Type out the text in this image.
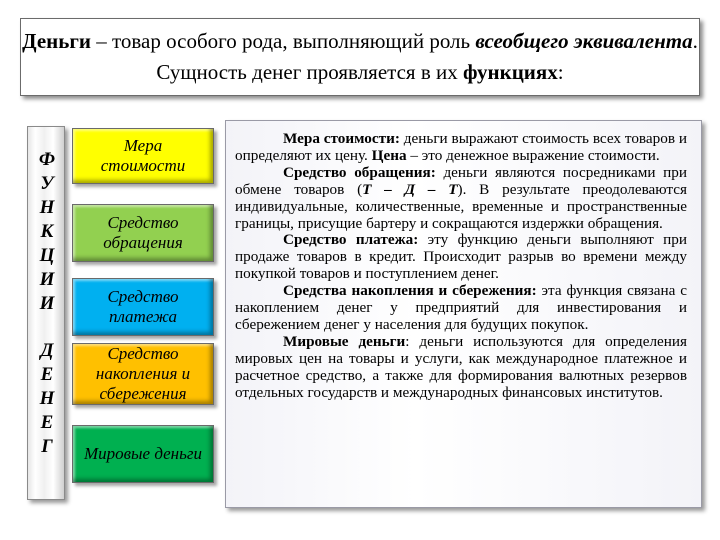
Деньги – товар особого рода, выполняющий роль всеобщего эквивалента. Сущность денег проявляется в их функциях:
Ф
У
Н
К
Ц
И
И
Д
Е
Н
Е
Г
Мера стоимости
Средство обращения
Средство платежа
Средство накопления и сбережения
Мировые деньги

Мера стоимости: деньги выражают стоимость всех товаров и определяют их цену. Цена – это денежное выражение стоимости.

Средство обращения: деньги являются посредниками при обмене товаров (Т – Д – Т). В результате преодолеваются индивидуальные, количественные, временные и пространственные границы, присущие бартеру и сокращаются издержки обращения.

Средство платежа: эту функцию деньги выполняют при продаже товаров в кредит. Происходит разрыв во времени между покупкой товаров и поступлением денег.

Средства накопления и сбережения: эта функция связана с накоплением денег у предприятий для инвестирования и сбережением денег у населения для будущих покупок.

Мировые деньги: деньги используются для определения мировых цен на товары и услуги, как международное платежное и расчетное средство, а также для формирования валютных резервов отдельных государств и международных финансовых институтов.
